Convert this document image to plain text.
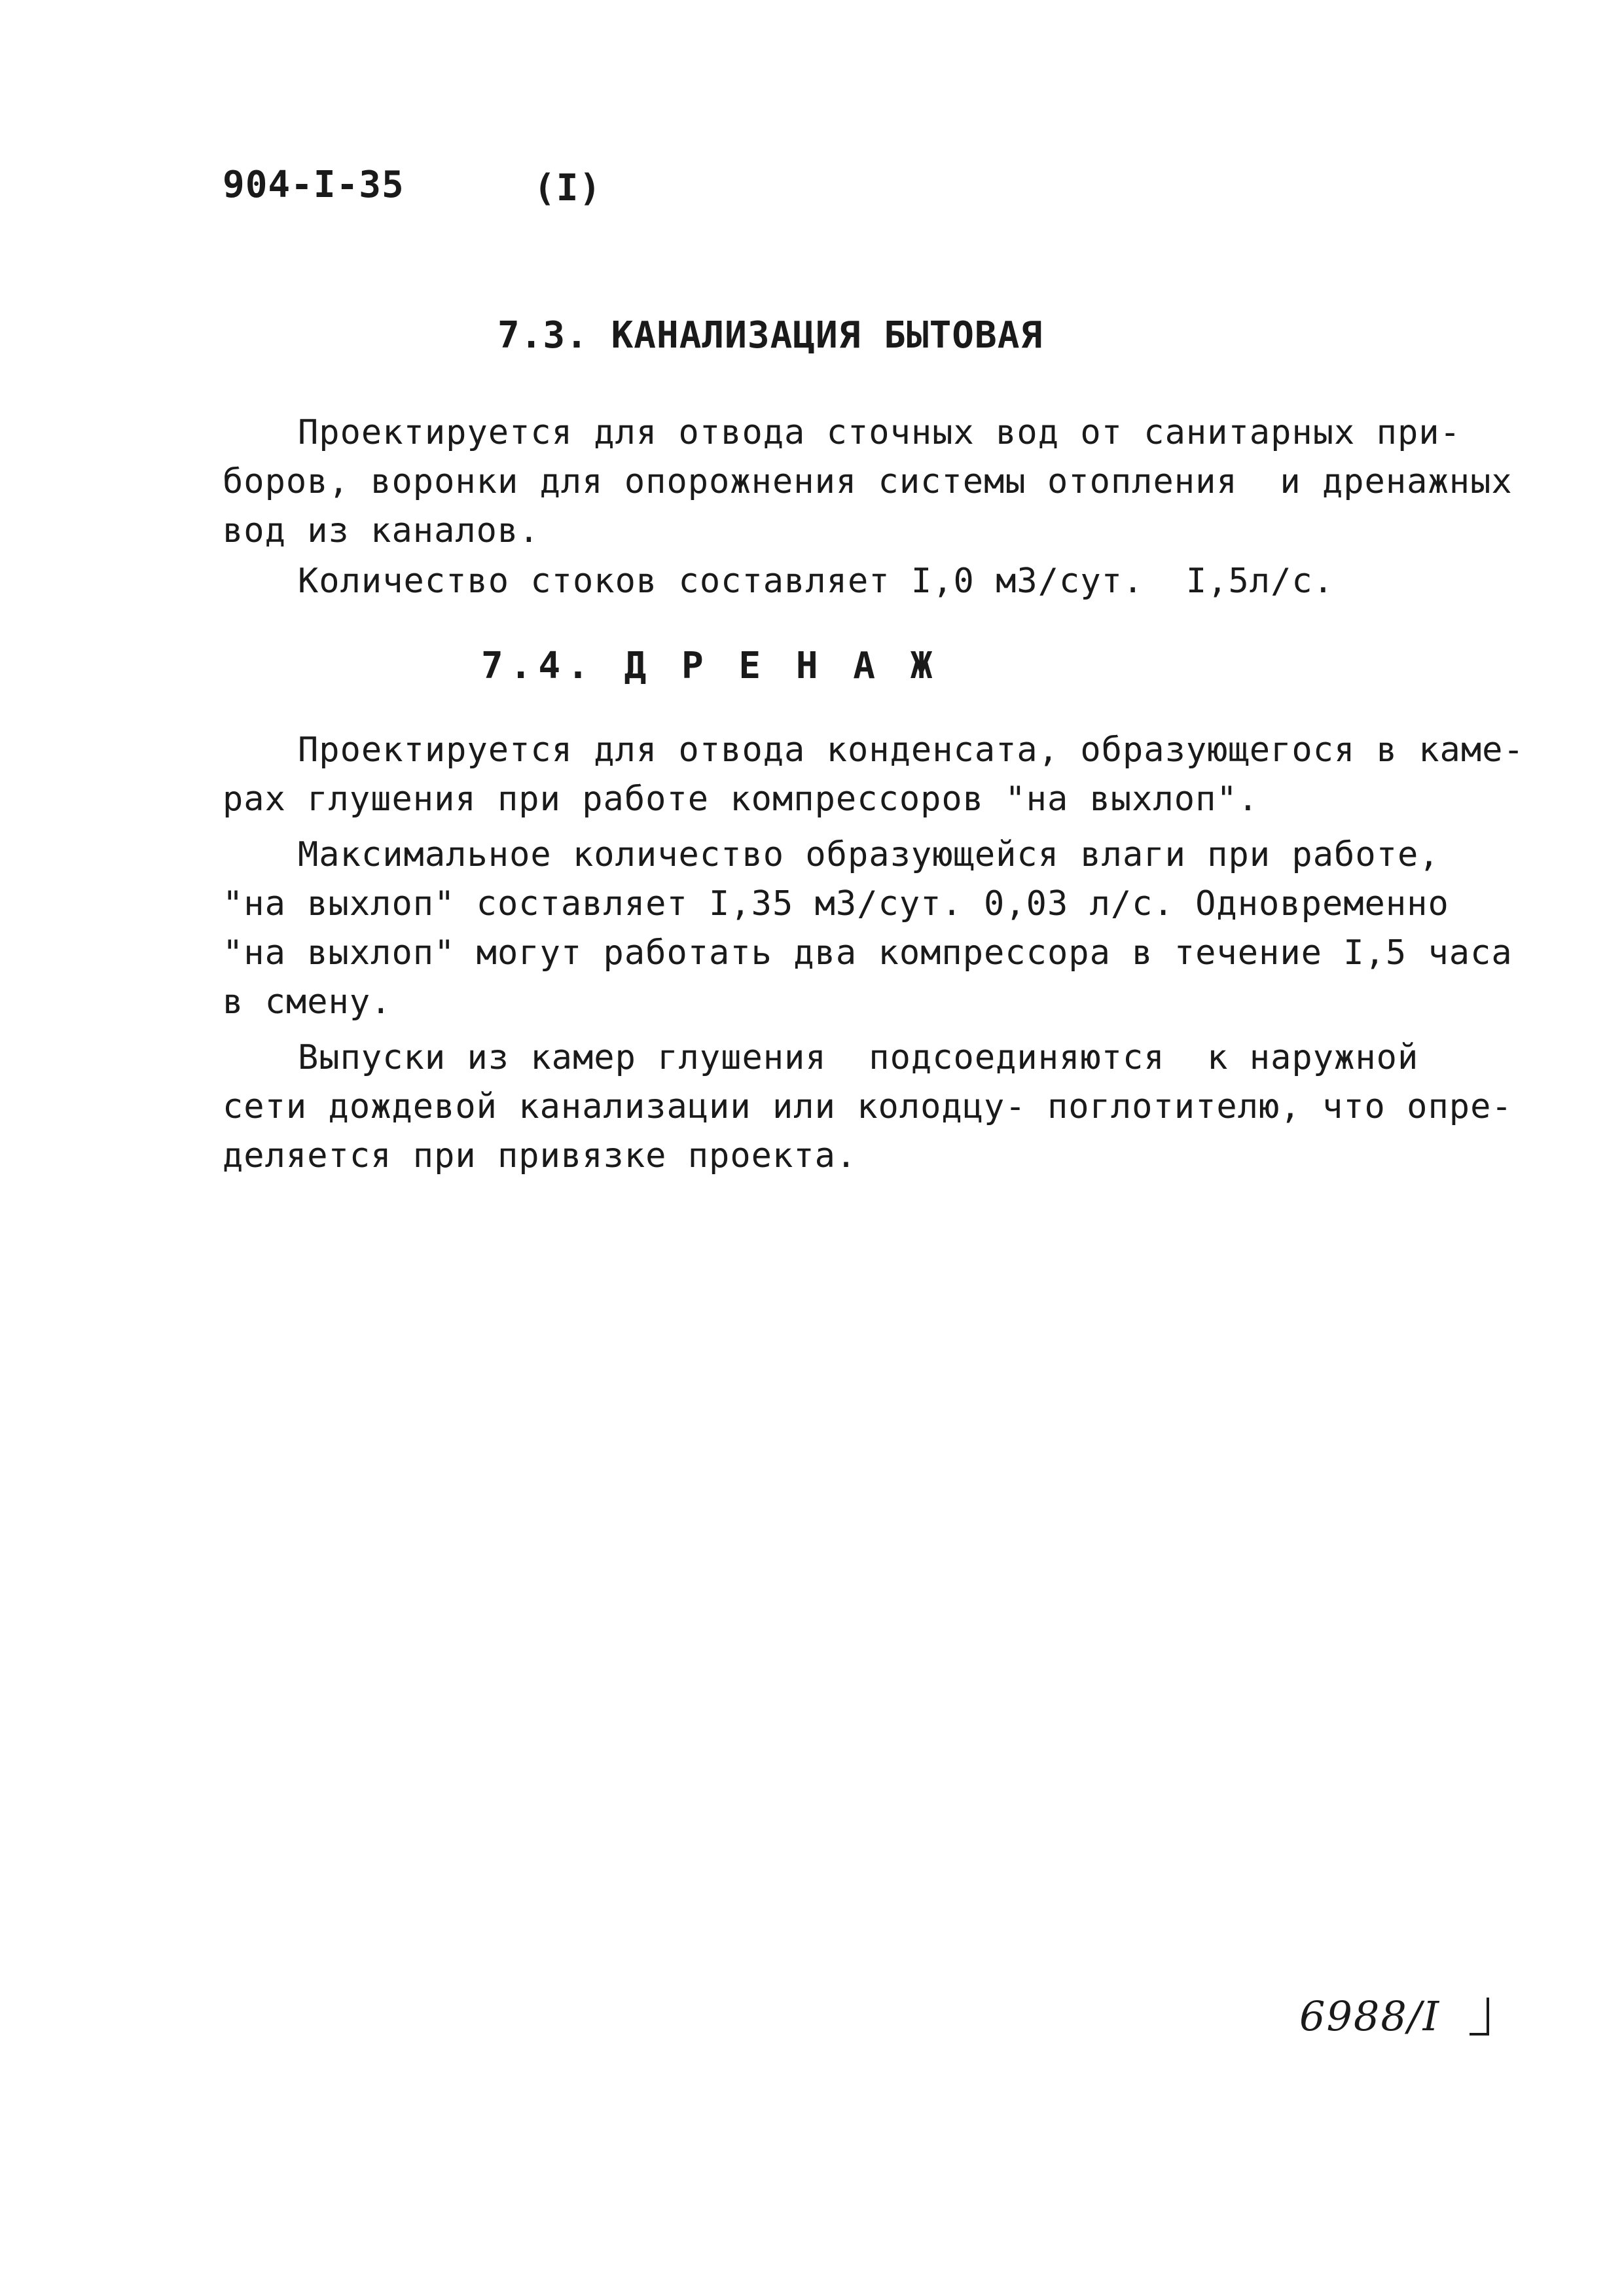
904-I-35	(I)
7.3. КАНАЛИЗАЦИЯ БЫТОВАЯ
Проектируется для отвода сточных вод от санитарных при-
боров, воронки для опорожнения системы отопления  и дренажных
вод из каналов.
Количество стоков составляет I,0 м3/сут.  I,5л/с.
7.4. Д Р Е Н А Ж
Проектируется для отвода конденсата, образующегося в каме-
рах глушения при работе компрессоров "на выхлоп".
Максимальное количество образующейся влаги при работе,
"на выхлоп" составляет I,35 м3/сут. 0,03 л/с. Одновременно
"на выхлоп" могут работать два компрессора в течение I,5 часа
в смену.
Выпуски из камер глушения  подсоединяются  к наружной
сети дождевой канализации или колодцу- поглотителю, что опре-
деляется при привязке проекта.
6988/I
